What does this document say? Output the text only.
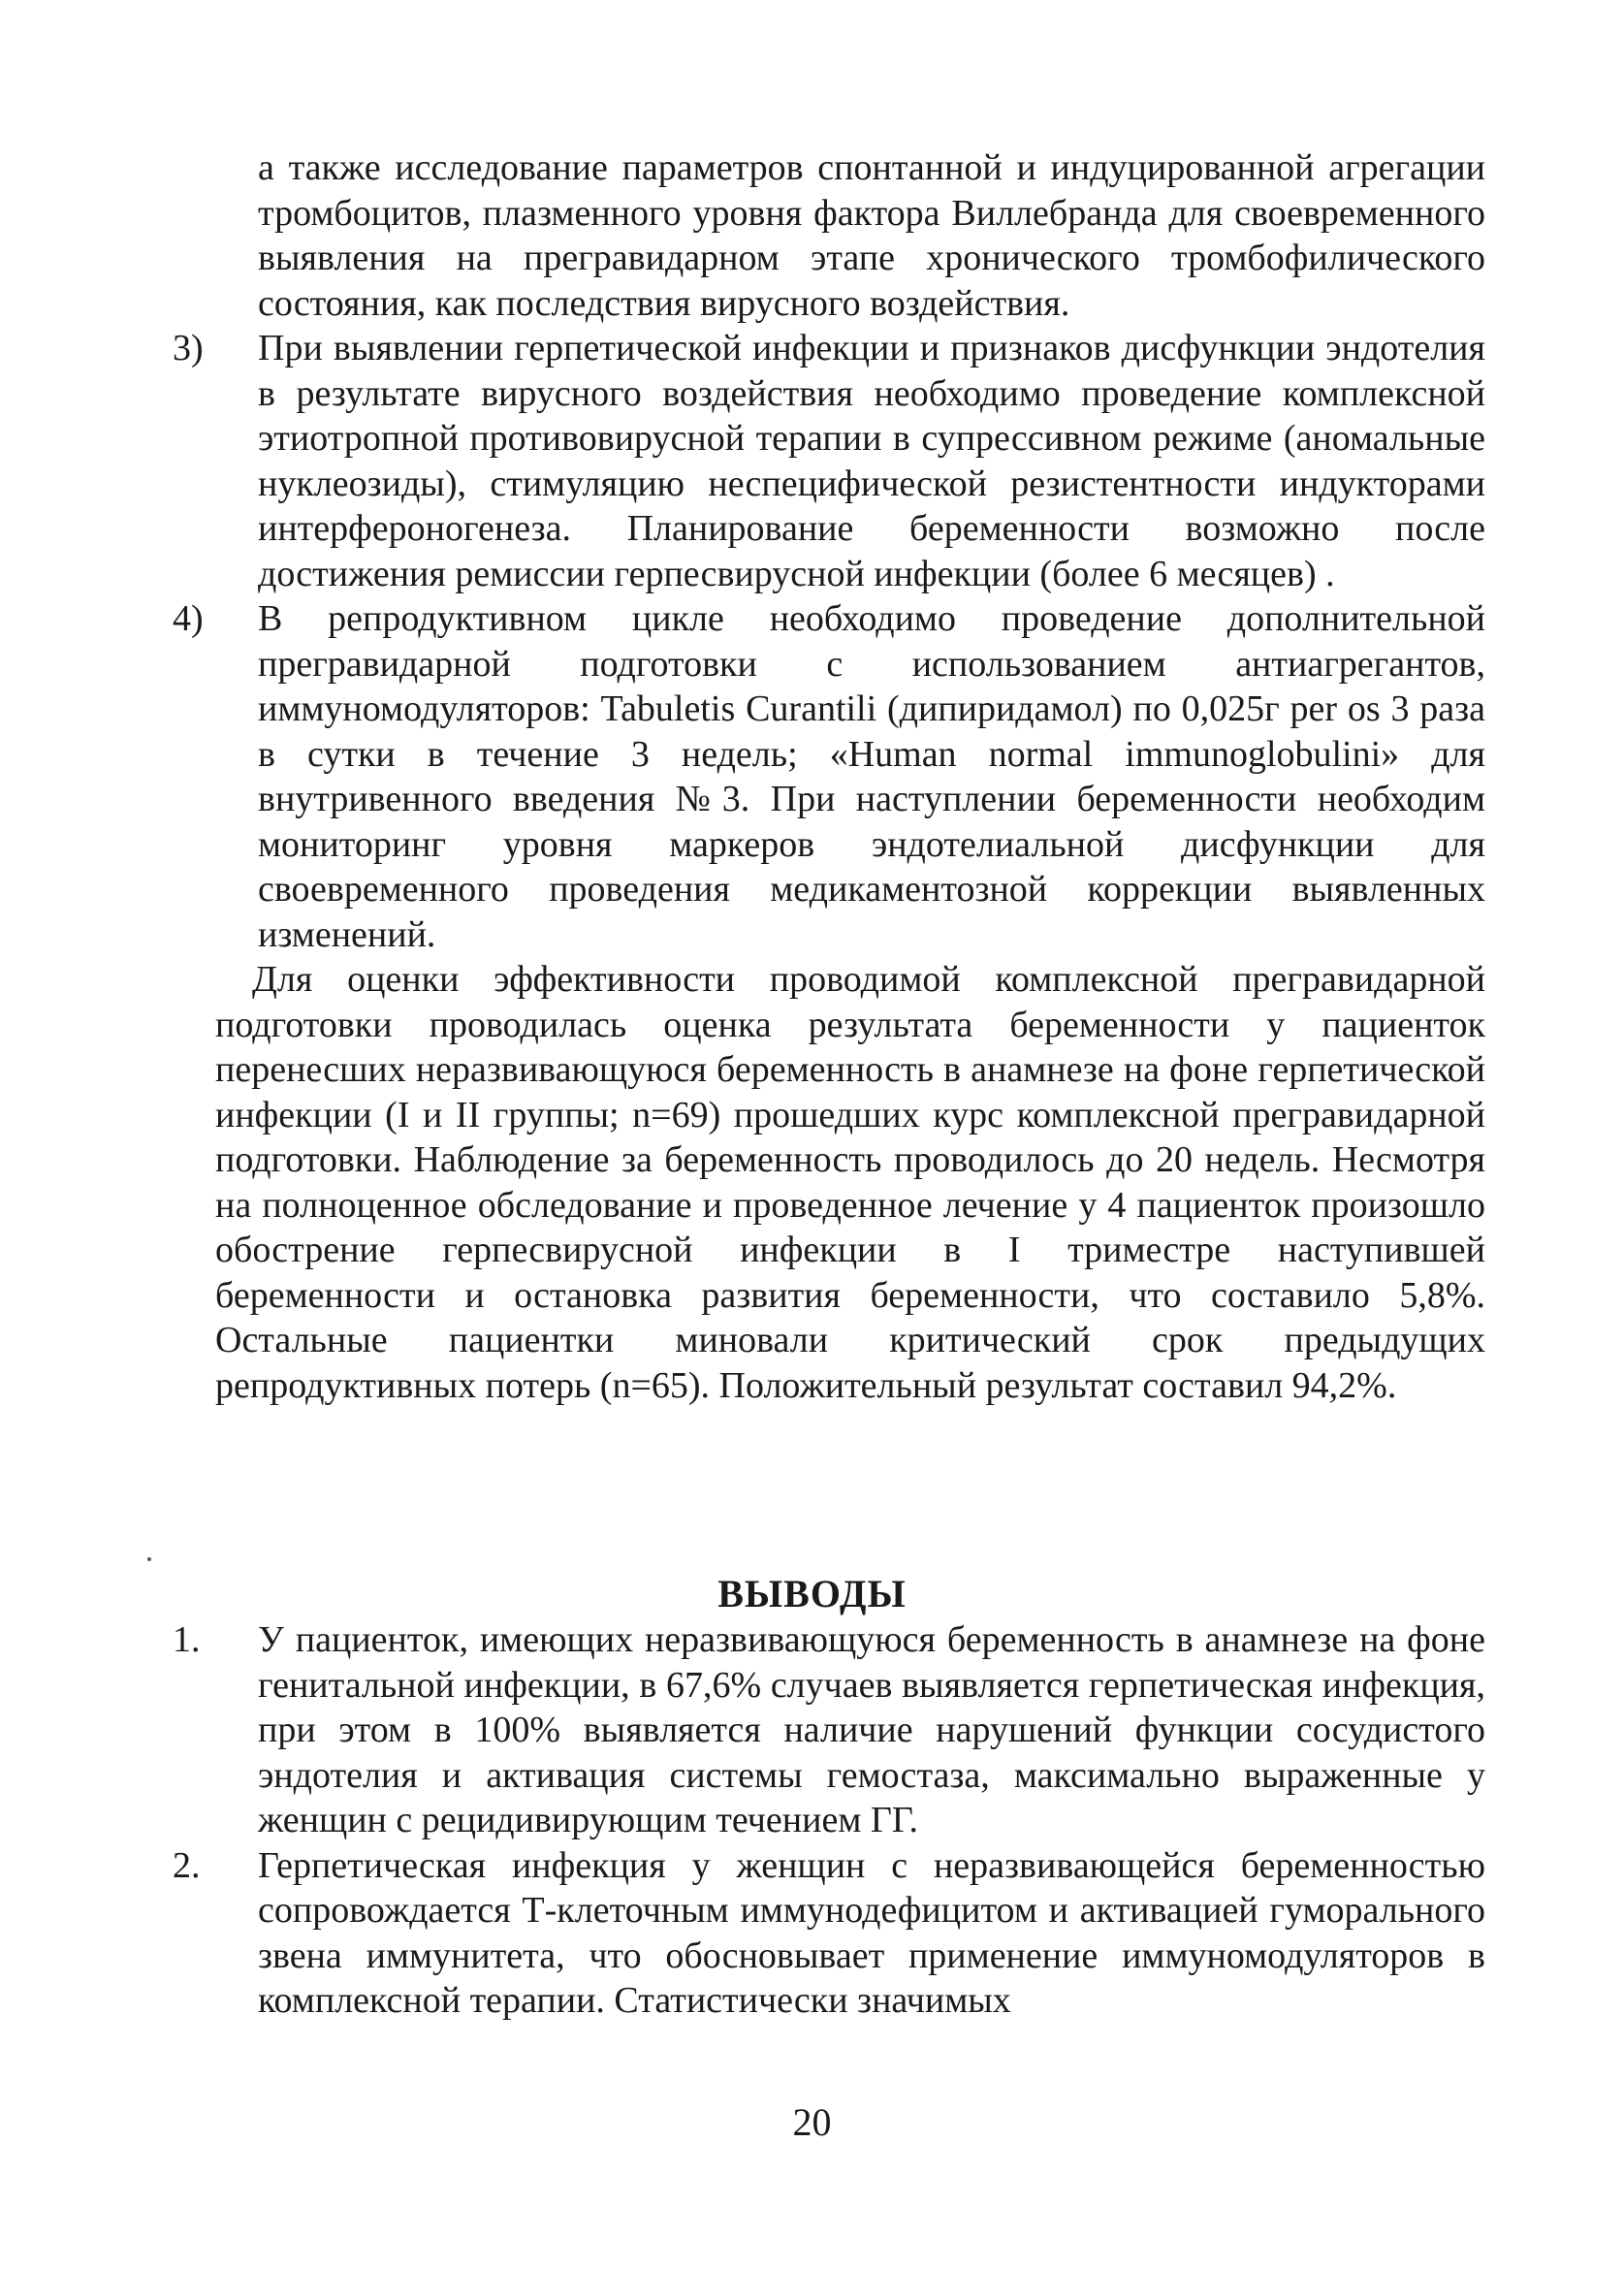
а также исследование параметров спонтанной и индуцированной агрегации тромбоцитов, плазменного уровня фактора Виллебранда для своевременного выявления на прегравидарном этапе хронического тромбофилического состояния, как последствия вирусного воздействия.
3)	При выявлении герпетической инфекции и признаков дисфункции эндотелия в результате вирусного воздействия необходимо проведение комплексной этиотропной противовирусной терапии в супрессивном режиме (аномальные нуклеозиды), стимуляцию неспецифической резистентности индукторами интерфероногенеза. Планирование беременности возможно после достижения ремиссии герпесвирусной инфекции (более 6 месяцев) .
4)	В репродуктивном цикле необходимо проведение дополнительной прегравидарной подготовки с использованием антиагрегантов, иммуномодуляторов: Tabuletis Curantili (дипиридамол) по 0,025г per os 3 раза в сутки в течение 3 недель; «Human normal immunoglobulini» для внутривенного введения №3. При наступлении беременности необходим мониторинг уровня маркеров эндотелиальной дисфункции для своевременного проведения медикаментозной коррекции выявленных изменений.

Для оценки эффективности проводимой комплексной прегравидарной подготовки проводилась оценка результата беременности у пациенток перенесших неразвивающуюся беременность в анамнезе на фоне герпетической инфекции (I и II группы; n=69) прошедших курс комплексной прегравидарной подготовки. Наблюдение за беременность проводилось до 20 недель. Несмотря на полноценное обследование и проведенное лечение у 4 пациенток произошло обострение герпесвирусной инфекции в I триместре наступившей беременности и остановка развития беременности, что составило 5,8%. Остальные пациентки миновали критический срок предыдущих репродуктивных потерь (n=65). Положительный результат составил 94,2%.

ВЫВОДЫ
1.	У пациенток, имеющих неразвивающуюся беременность в анамнезе на фоне генитальной инфекции, в 67,6% случаев выявляется герпетическая инфекция, при этом в 100% выявляется наличие нарушений функции сосудистого эндотелия и активация системы гемостаза, максимально выраженные у женщин с рецидивирующим течением ГГ.
2.	Герпетическая инфекция у женщин с неразвивающейся беременностью сопровождается Т-клеточным иммунодефицитом и активацией гуморального звена иммунитета, что обосновывает применение иммуномодуляторов в комплексной терапии. Статистически значимых
20
